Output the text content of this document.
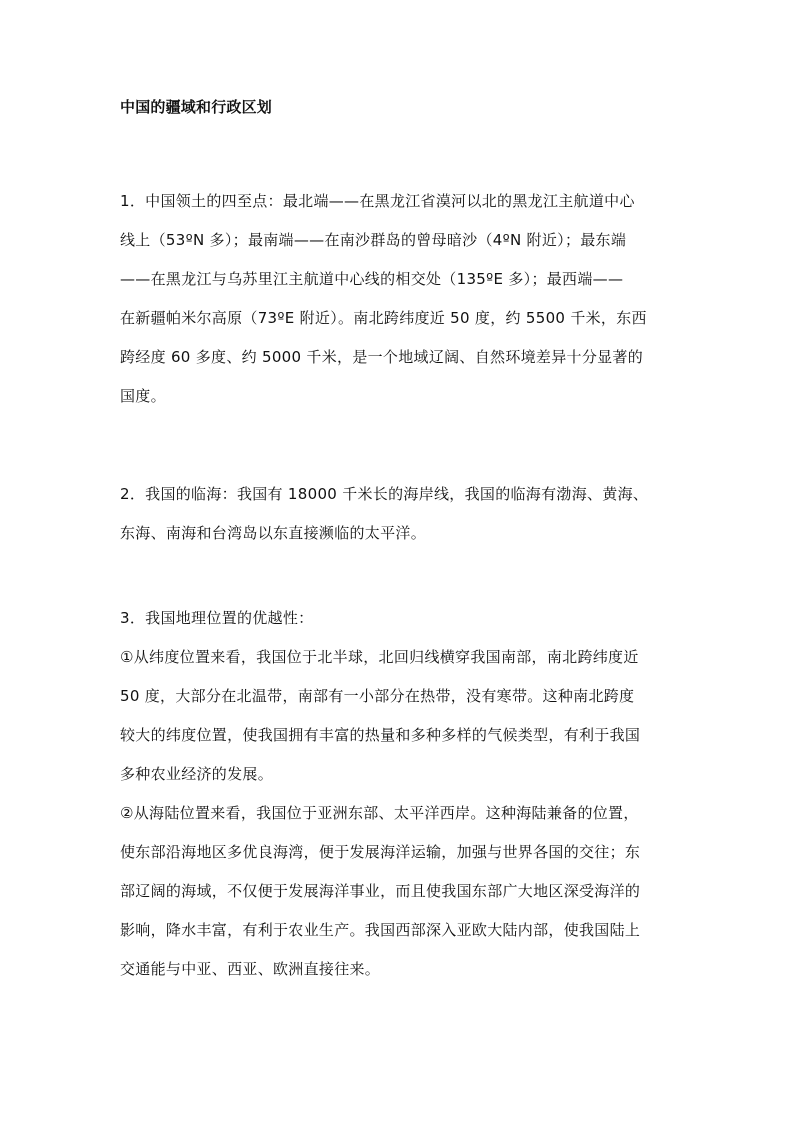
中国的疆域和行政区划
1．中国领土的四至点：最北端——在黑龙江省漠河以北的黑龙江主航道中心
线上（53ºN 多）；最南端——在南沙群岛的曾母暗沙（4ºN 附近）；最东端
——在黑龙江与乌苏里江主航道中心线的相交处（135ºE 多）；最西端——
在新疆帕米尔高原（73ºE 附近）。南北跨纬度近 50 度，约 5500 千米，东西
跨经度 60 多度、约 5000 千米，是一个地域辽阔、自然环境差异十分显著的
国度。
2．我国的临海：我国有 18000 千米长的海岸线，我国的临海有渤海、黄海、
东海、南海和台湾岛以东直接濒临的太平洋。
3．我国地理位置的优越性：
①从纬度位置来看，我国位于北半球，北回归线横穿我国南部，南北跨纬度近
50 度，大部分在北温带，南部有一小部分在热带，没有寒带。这种南北跨度
较大的纬度位置，使我国拥有丰富的热量和多种多样的气候类型，有利于我国
多种农业经济的发展。
②从海陆位置来看，我国位于亚洲东部、太平洋西岸。这种海陆兼备的位置，
使东部沿海地区多优良海湾，便于发展海洋运输，加强与世界各国的交往；东
部辽阔的海域，不仅便于发展海洋事业，而且使我国东部广大地区深受海洋的
影响，降水丰富，有利于农业生产。我国西部深入亚欧大陆内部，使我国陆上
交通能与中亚、西亚、欧洲直接往来。
